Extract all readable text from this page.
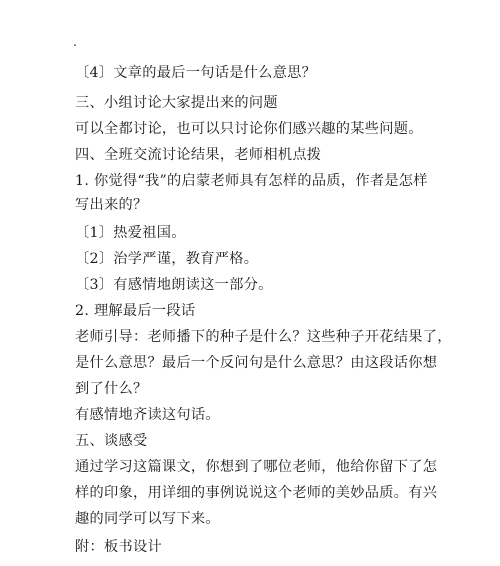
.
〔4〕文章的最后一句话是什么意思？
三、小组讨论大家提出来的问题
可以全都讨论，也可以只讨论你们感兴趣的某些问题。
四、全班交流讨论结果，老师相机点拨
1. 你觉得“我”的启蒙老师具有怎样的品质，作者是怎样
写出来的？
〔1〕热爱祖国。
〔2〕治学严谨，教育严格。
〔3〕有感情地朗读这一部分。
2. 理解最后一段话
老师引导：老师播下的种子是什么？这些种子开花结果了，
是什么意思？最后一个反问句是什么意思？由这段话你想
到了什么？
有感情地齐读这句话。
五、谈感受
通过学习这篇课文，你想到了哪位老师，他给你留下了怎
样的印象，用详细的事例说说这个老师的美妙品质。有兴
趣的同学可以写下来。
附：板书设计
